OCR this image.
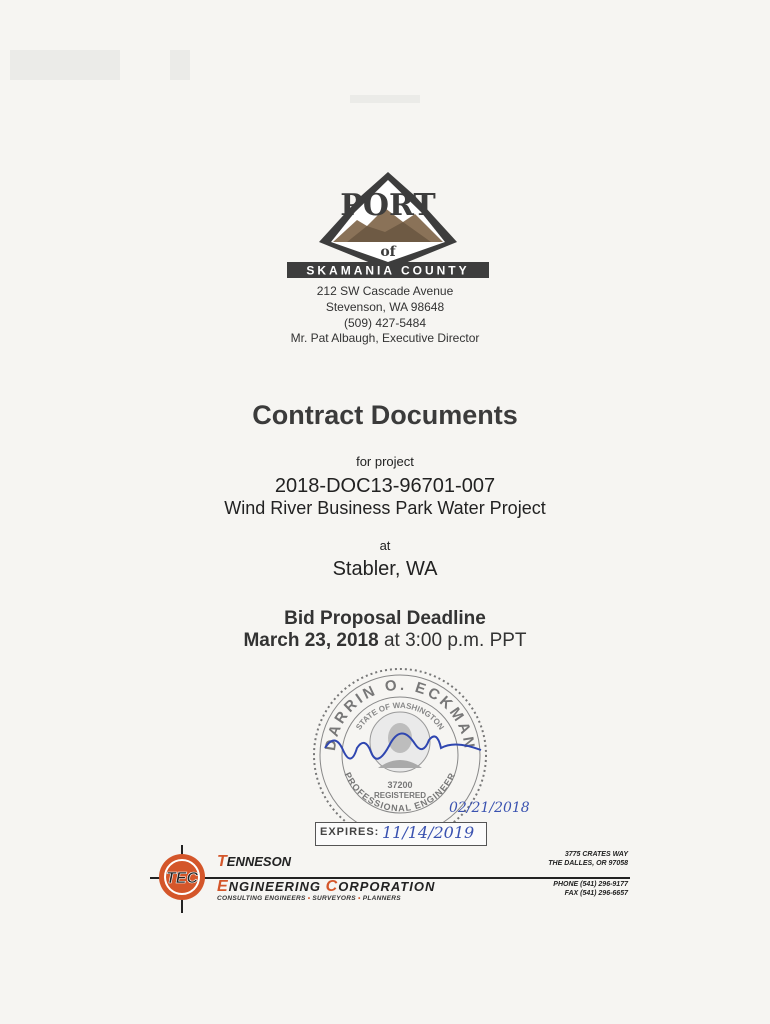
PORT
of
SKAMANIA COUNTY
212 SW Cascade Avenue
Stevenson, WA 98648
(509) 427-5484
Mr. Pat Albaugh, Executive Director
Contract Documents
for project
2018-DOC13-96701-007
Wind River Business Park Water Project
at
Stabler, WA
Bid Proposal Deadline
March 23, 2018 at 3:00 p.m. PPT
DARRIN O. ECKMAN
STATE OF WASHINGTON
37200
REGISTERED
PROFESSIONAL ENGINEER
02/21/2018
EXPIRES: 11/14/2019
TEC
TENNESON
ENGINEERING CORPORATION
CONSULTING ENGINEERS • SURVEYORS • PLANNERS
3775 CRATES WAY
THE DALLES, OR 97058
PHONE (541) 296-9177
FAX (541) 296-6657
